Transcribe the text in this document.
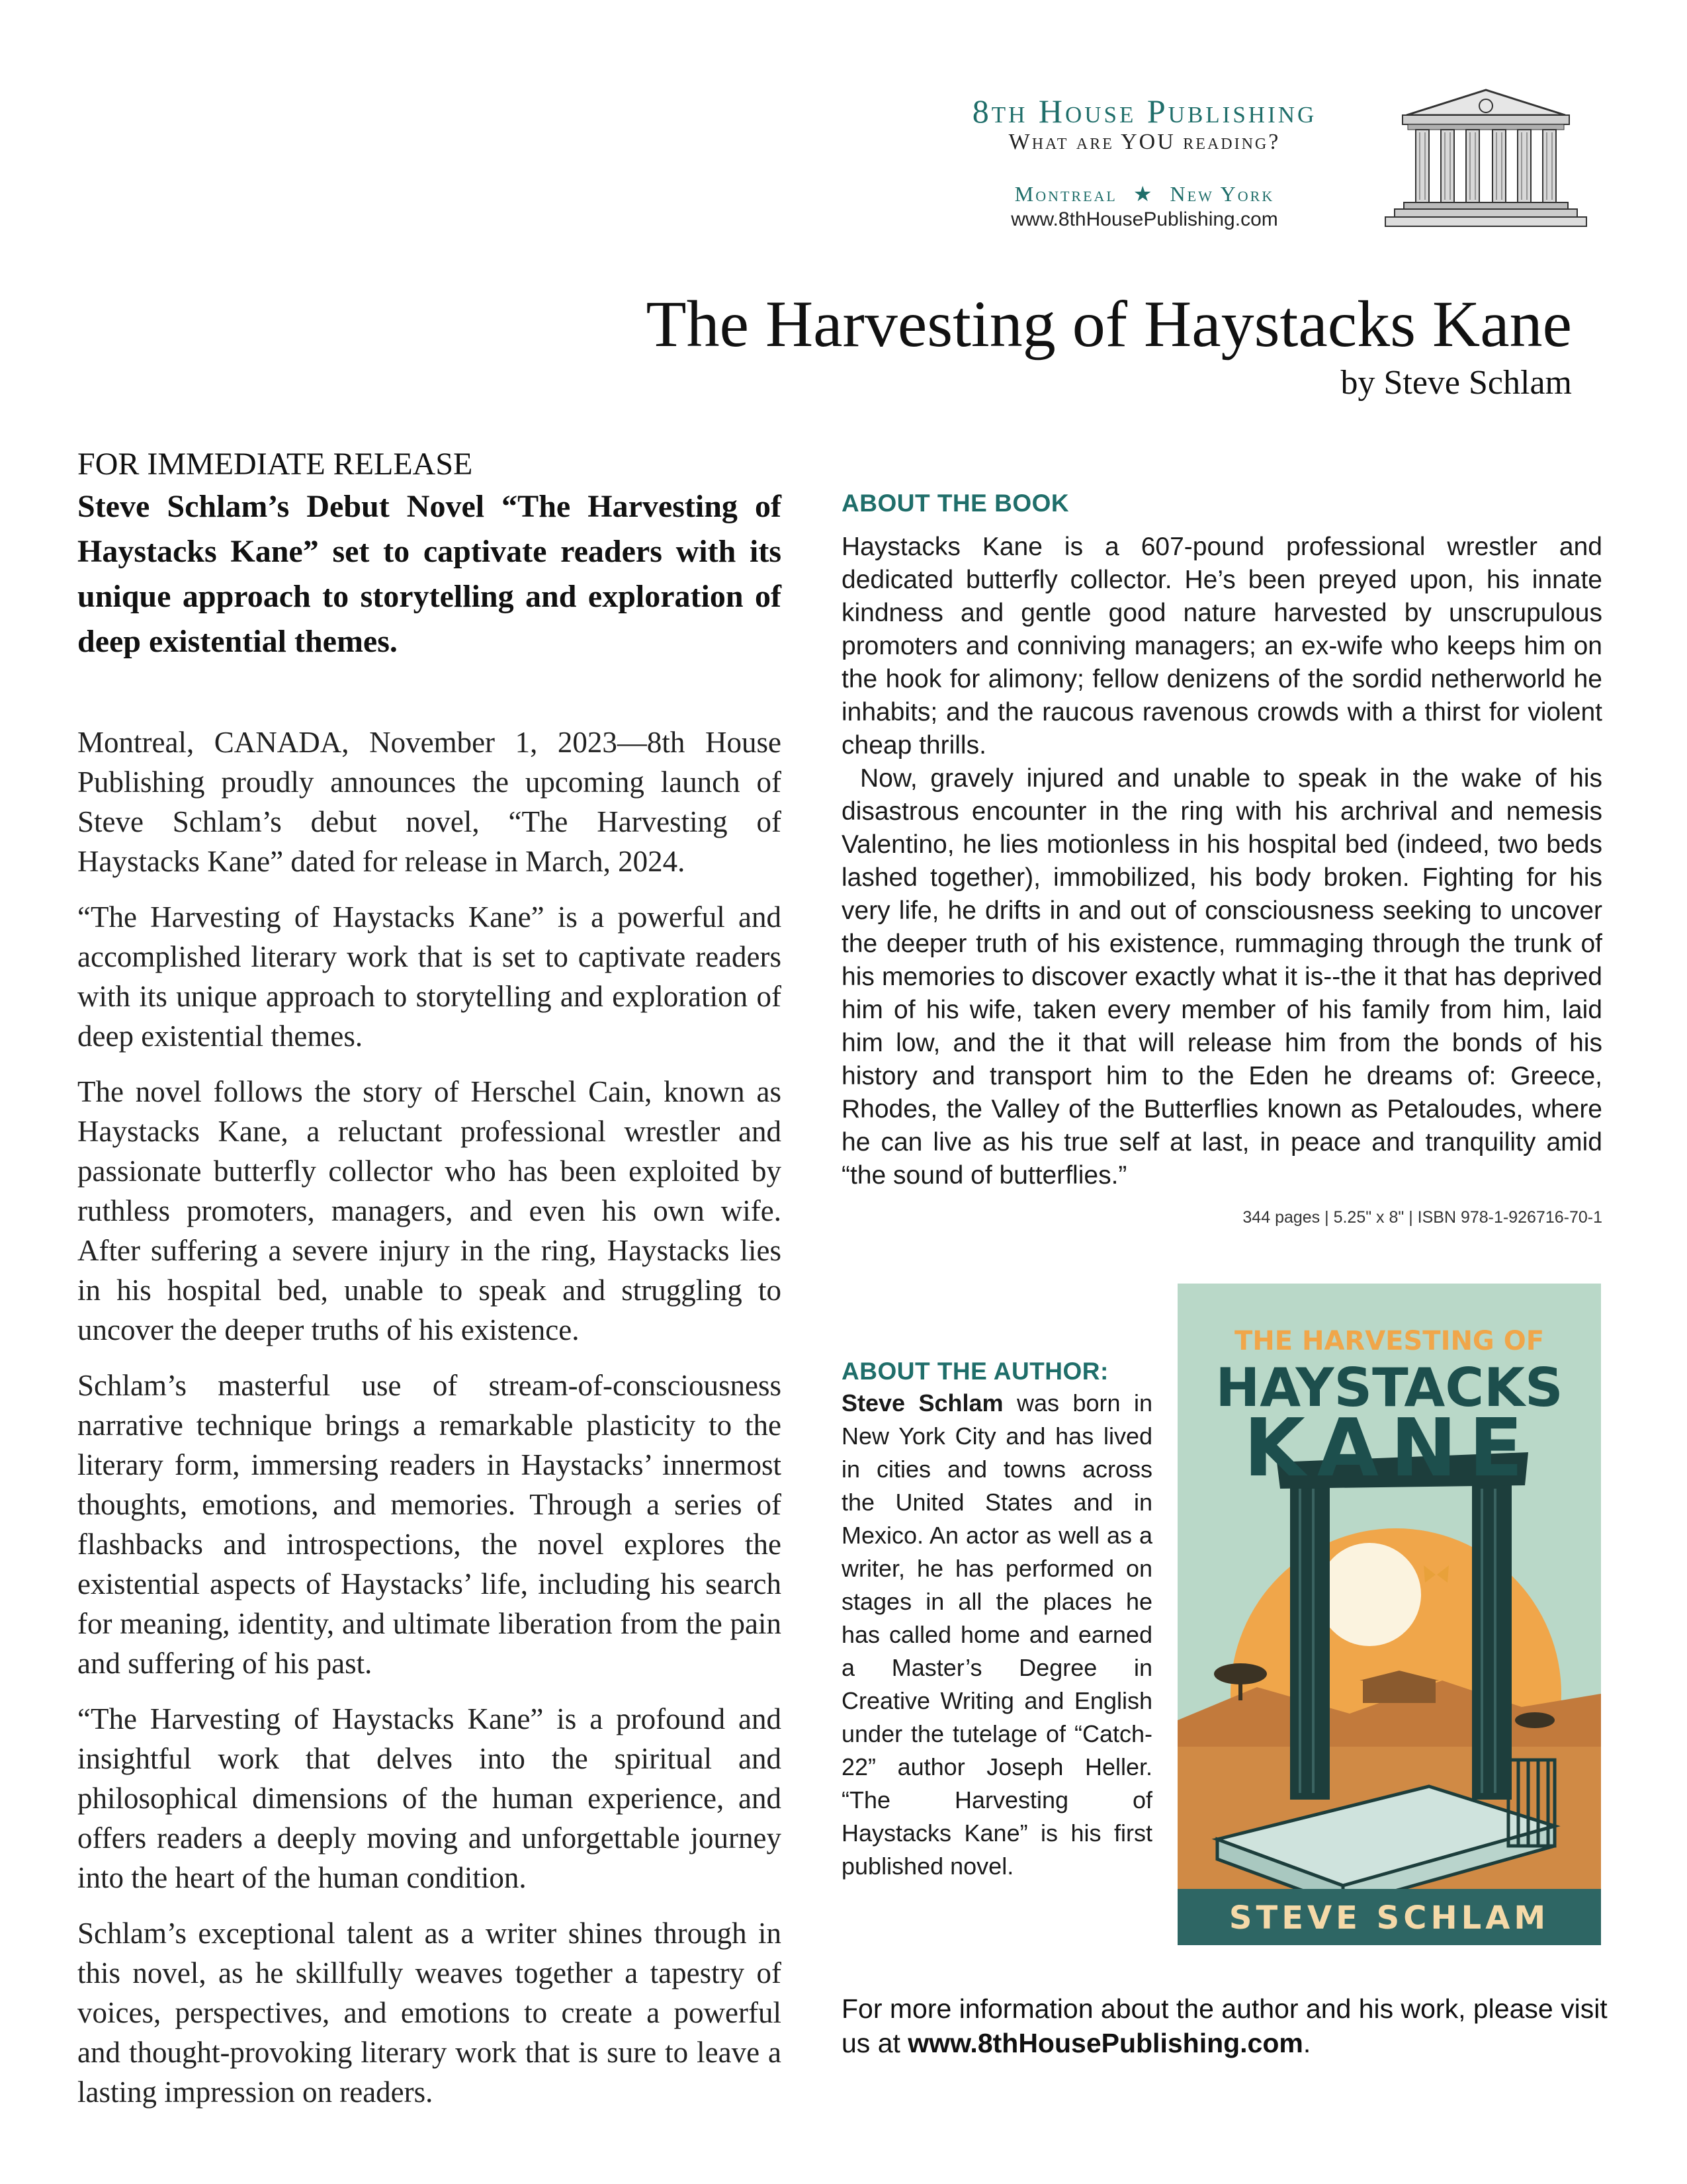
8th House Publishing
What are YOU reading?
Montreal ★ New York
www.8thHousePublishing.com
The Harvesting of Haystacks Kane
by Steve Schlam
FOR IMMEDIATE RELEASE

Steve Schlam’s Debut Novel “The Harvesting of Haystacks Kane” set to captivate readers with its unique approach to storytelling and exploration of deep existential themes.

Montreal, CANADA, November 1, 2023—8th House Publishing proudly announces the upcoming launch of Steve Schlam’s debut novel, “The Harvesting of Haystacks Kane” dated for release in March, 2024.

“The Harvesting of Haystacks Kane” is a powerful and accomplished literary work that is set to captivate readers with its unique approach to storytelling and exploration of deep existential themes.

The novel follows the story of Herschel Cain, known as Haystacks Kane, a reluctant professional wrestler and passionate butterfly collector who has been exploited by ruthless promoters, managers, and even his own wife. After suffering a severe injury in the ring, Haystacks lies in his hospital bed, unable to speak and struggling to uncover the deeper truths of his existence.

Schlam’s masterful use of stream-of-consciousness narrative technique brings a remarkable plasticity to the literary form, immersing readers in Haystacks’ innermost thoughts, emotions, and memories. Through a series of flashbacks and introspections, the novel explores the existential aspects of Haystacks’ life, including his search for meaning, identity, and ultimate liberation from the pain and suffering of his past.

“The Harvesting of Haystacks Kane” is a profound and insightful work that delves into the spiritual and philosophical dimensions of the human experience, and offers readers a deeply moving and unforgettable journey into the heart of the human condition.

Schlam’s exceptional talent as a writer shines through in this novel, as he skillfully weaves together a tapestry of voices, perspectives, and emotions to create a powerful and thought-provoking literary work that is sure to leave a lasting impression on readers.

ABOUT THE BOOK

Haystacks Kane is a 607-pound professional wrestler and dedicated butterfly collector. He’s been preyed upon, his innate kindness and gentle good nature harvested by unscrupulous promoters and conniving managers; an ex-wife who keeps him on the hook for alimony; fellow denizens of the sordid netherworld he inhabits; and the raucous ravenous crowds with a thirst for violent cheap thrills.

Now, gravely injured and unable to speak in the wake of his disastrous encounter in the ring with his archrival and nemesis Valentino, he lies motionless in his hospital bed (indeed, two beds lashed together), immobilized, his body broken. Fighting for his very life, he drifts in and out of consciousness seeking to uncover the deeper truth of his existence, rummaging through the trunk of his memories to discover exactly what it is--the it that has deprived him of his wife, taken every member of his family from him, laid him low, and the it that will release him from the bonds of his history and transport him to the Eden he dreams of: Greece, Rhodes, the Valley of the Butterflies known as Petaloudes, where he can live as his true self at last, in peace and tranquility amid “the sound of butterflies.”

344 pages | 5.25" x 8" | ISBN 978-1-926716-70-1
ABOUT THE AUTHOR:

Steve Schlam was born in New York City and has lived in cities and towns across the United States and in Mexico. An actor as well as a writer, he has performed on stages in all the places he has called home and earned a Master’s Degree in Creative Writing and English under the tutelage of “Catch-22” author Joseph Heller. “The Harvesting of Haystacks Kane” is his first published novel.

THE HARVESTING OF
HAYSTACKS
KANE
STEVE SCHLAM
For more information about the author and his work, please visit us at www.8thHousePublishing.com.
